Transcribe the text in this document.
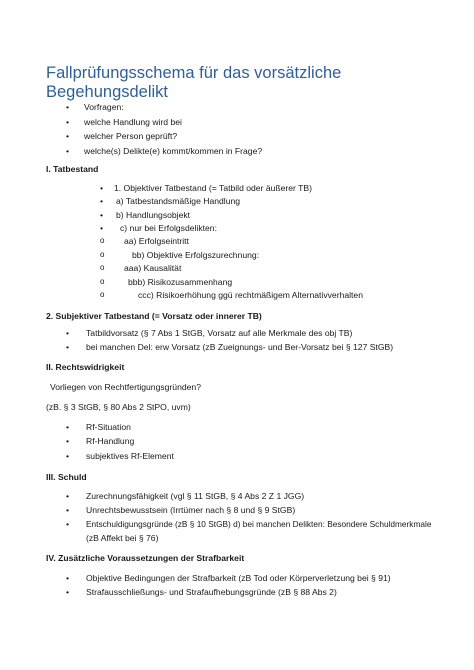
Fallprüfungsschema für das vorsätzliche Begehungsdelikt
• Vorfragen:
• welche Handlung wird bei
• welcher Person geprüft?
• welche(s) Delikte(e) kommt/kommen in Frage?
I. Tatbestand
• 1. Objektiver Tatbestand (= Tatbild oder äußerer TB)
• a) Tatbestandsmäßige Handlung
• b) Handlungsobjekt
• c) nur bei Erfolgsdelikten:
o aa) Erfolgseintritt
o	bb) Objektive Erfolgszurechnung:
o aaa) Kausalität
o	bbb) Risikozusammenhang
o	ccc) Risikoerhöhung ggü rechtmäßigem Alternativverhalten
2. Subjektiver Tatbestand (= Vorsatz oder innerer TB)
• Tatbildvorsatz (§ 7 Abs 1 StGB, Vorsatz auf alle Merkmale des obj TB)
• bei manchen Del: erw Vorsatz (zB Zueignungs- und Ber-Vorsatz bei § 127 StGB)
II. Rechtswidrigkeit
Vorliegen von Rechtfertigungsgründen?
(zB. § 3 StGB, § 80 Abs 2 StPO, uvm)
• Rf-Situation
• Rf-Handlung
• subjektives Rf-Element
III. Schuld
• Zurechnungsfähigkeit (vgl § 11 StGB, § 4 Abs 2 Z 1 JGG)
• Unrechtsbewusstsein (Irrtümer nach § 8 und § 9 StGB)
• Entschuldigungsgründe (zB § 10 StGB) d) bei manchen Delikten: Besondere Schuldmerkmale
(zB Affekt bei § 76)
IV. Zusätzliche Voraussetzungen der Strafbarkeit
• Objektive Bedingungen der Strafbarkeit (zB Tod oder Körperverletzung bei § 91)
• Strafausschließungs- und Strafaufhebungsgründe (zB § 88 Abs 2)
